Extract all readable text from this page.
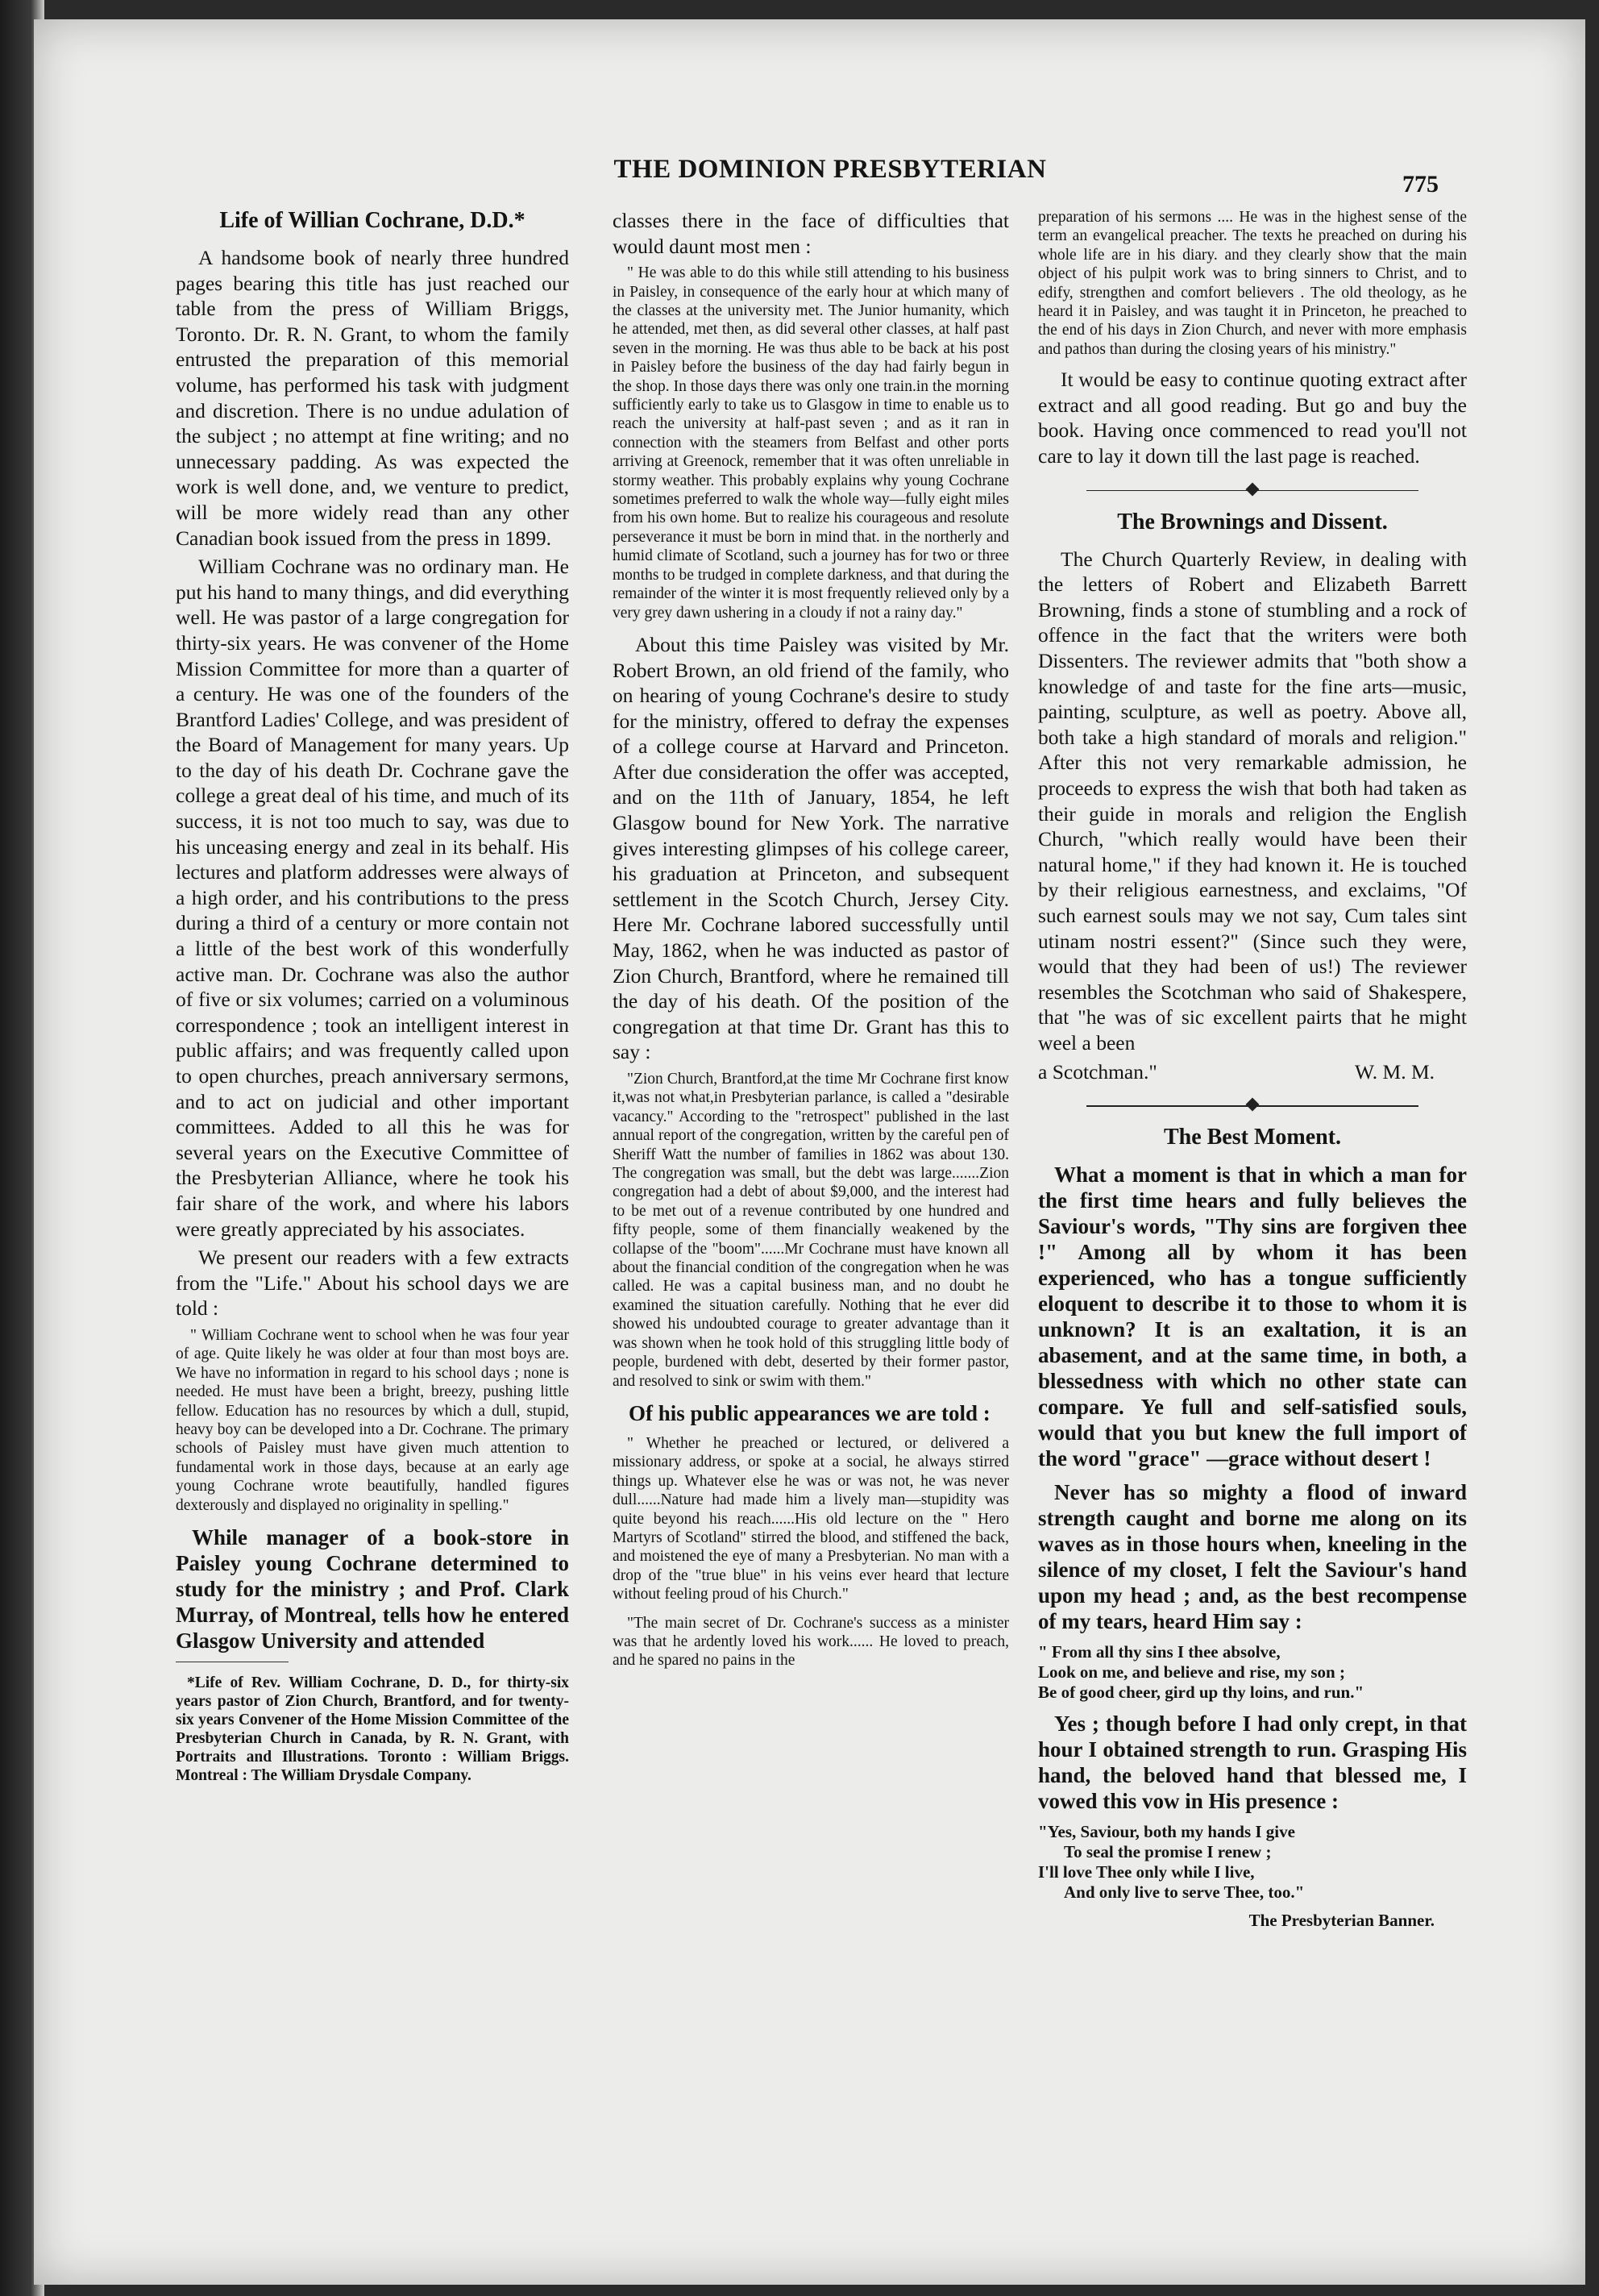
THE DOMINION PRESBYTERIAN
775
Life of Willian Cochrane, D.D.*

A handsome book of nearly three hundred pages bearing this title has just reached our table from the press of William Briggs, Toronto. Dr. R. N. Grant, to whom the family entrusted the preparation of this memorial volume, has performed his task with judgment and discretion. There is no undue adulation of the subject ; no attempt at fine writing; and no unnecessary padding. As was expected the work is well done, and, we venture to predict, will be more widely read than any other Canadian book issued from the press in 1899.

William Cochrane was no ordinary man. He put his hand to many things, and did everything well. He was pastor of a large congregation for thirty-six years. He was convener of the Home Mission Committee for more than a quarter of a century. He was one of the founders of the Brantford Ladies' College, and was president of the Board of Management for many years. Up to the day of his death Dr. Cochrane gave the college a great deal of his time, and much of its success, it is not too much to say, was due to his unceasing energy and zeal in its behalf. His lectures and platform addresses were always of a high order, and his contributions to the press during a third of a century or more contain not a little of the best work of this wonderfully active man. Dr. Cochrane was also the author of five or six volumes; carried on a voluminous correspondence ; took an intelligent interest in public affairs; and was frequently called upon to open churches, preach anniversary sermons, and to act on judicial and other important committees. Added to all this he was for several years on the Executive Committee of the Presbyterian Alliance, where he took his fair share of the work, and where his labors were greatly appreciated by his associates.

We present our readers with a few extracts from the "Life." About his school days we are told :

" William Cochrane went to school when he was four year of age. Quite likely he was older at four than most boys are. We have no information in regard to his school days ; none is needed. He must have been a bright, breezy, pushing little fellow. Education has no resources by which a dull, stupid, heavy boy can be developed into a Dr. Cochrane. The primary schools of Paisley must have given much attention to fundamental work in those days, because at an early age young Cochrane wrote beautifully, handled figures dexterously and displayed no originality in spelling."

While manager of a book-store in Paisley young Cochrane determined to study for the ministry ; and Prof. Clark Murray, of Montreal, tells how he entered Glasgow University and attended

*Life of Rev. William Cochrane, D. D., for thirty-six years pastor of Zion Church, Brantford, and for twenty-six years Convener of the Home Mission Committee of the Presbyterian Church in Canada, by R. N. Grant, with Portraits and Illustrations. Toronto : William Briggs. Montreal : The William Drysdale Company.

classes there in the face of difficulties that would daunt most men :

" He was able to do this while still attending to his business in Paisley, in consequence of the early hour at which many of the classes at the university met. The Junior humanity, which he attended, met then, as did several other classes, at half past seven in the morning. He was thus able to be back at his post in Paisley before the business of the day had fairly begun in the shop. In those days there was only one train.in the morning sufficiently early to take us to Glasgow in time to enable us to reach the university at half-past seven ; and as it ran in connection with the steamers from Belfast and other ports arriving at Greenock, remember that it was often unreliable in stormy weather. This probably explains why young Cochrane sometimes preferred to walk the whole way—fully eight miles from his own home. But to realize his courageous and resolute perseverance it must be born in mind that. in the northerly and humid climate of Scotland, such a journey has for two or three months to be trudged in complete darkness, and that during the remainder of the winter it is most frequently relieved only by a very grey dawn ushering in a cloudy if not a rainy day."

About this time Paisley was visited by Mr. Robert Brown, an old friend of the family, who on hearing of young Cochrane's desire to study for the ministry, offered to defray the expenses of a college course at Harvard and Princeton. After due consideration the offer was accepted, and on the 11th of January, 1854, he left Glasgow bound for New York. The narrative gives interesting glimpses of his college career, his graduation at Princeton, and subsequent settlement in the Scotch Church, Jersey City. Here Mr. Cochrane labored successfully until May, 1862, when he was inducted as pastor of Zion Church, Brantford, where he remained till the day of his death. Of the position of the congregation at that time Dr. Grant has this to say :

"Zion Church, Brantford,at the time Mr Cochrane first know it,was not what,in Presbyterian parlance, is called a "desirable vacancy." According to the "retrospect" published in the last annual report of the congregation, written by the careful pen of Sheriff Watt the number of families in 1862 was about 130. The congregation was small, but the debt was large.......Zion congregation had a debt of about $9,000, and the interest had to be met out of a revenue contributed by one hundred and fifty people, some of them financially weakened by the collapse of the "boom"......Mr Cochrane must have known all about the financial condition of the congregation when he was called. He was a capital business man, and no doubt he examined the situation carefully. Nothing that he ever did showed his undoubted courage to greater advantage than it was shown when he took hold of this struggling little body of people, burdened with debt, deserted by their former pastor, and resolved to sink or swim with them."

Of his public appearances we are told :

" Whether he preached or lectured, or delivered a missionary address, or spoke at a social, he always stirred things up. Whatever else he was or was not, he was never dull......Nature had made him a lively man—stupidity was quite beyond his reach......His old lecture on the " Hero Martyrs of Scotland" stirred the blood, and stiffened the back, and moistened the eye of many a Presbyterian. No man with a drop of the "true blue" in his veins ever heard that lecture without feeling proud of his Church."

"The main secret of Dr. Cochrane's success as a minister was that he ardently loved his work...... He loved to preach, and he spared no pains in the

preparation of his sermons .... He was in the highest sense of the term an evangelical preacher. The texts he preached on during his whole life are in his diary. and they clearly show that the main object of his pulpit work was to bring sinners to Christ, and to edify, strengthen and comfort believers . The old theology, as he heard it in Paisley, and was taught it in Princeton, he preached to the end of his days in Zion Church, and never with more emphasis and pathos than during the closing years of his ministry."

It would be easy to continue quoting extract after extract and all good reading. But go and buy the book. Having once commenced to read you'll not care to lay it down till the last page is reached.

The Brownings and Dissent.

The Church Quarterly Review, in dealing with the letters of Robert and Elizabeth Barrett Browning, finds a stone of stumbling and a rock of offence in the fact that the writers were both Dissenters. The reviewer admits that "both show a knowledge of and taste for the fine arts—music, painting, sculpture, as well as poetry. Above all, both take a high standard of morals and religion." After this not very remarkable admission, he proceeds to express the wish that both had taken as their guide in morals and religion the English Church, "which really would have been their natural home," if they had known it. He is touched by their religious earnestness, and exclaims, "Of such earnest souls may we not say, Cum tales sint utinam nostri essent?" (Since such they were, would that they had been of us!) The reviewer resembles the Scotchman who said of Shakespere, that "he was of sic excellent pairts that he might weel a been

a Scotchman."	W. M. M.
The Best Moment.

What a moment is that in which a man for the first time hears and fully believes the Saviour's words, "Thy sins are forgiven thee !" Among all by whom it has been experienced, who has a tongue sufficiently eloquent to describe it to those to whom it is unknown? It is an exaltation, it is an abasement, and at the same time, in both, a blessedness with which no other state can compare. Ye full and self-satisfied souls, would that you but knew the full import of the word "grace" —grace without desert !

Never has so mighty a flood of inward strength caught and borne me along on its waves as in those hours when, kneeling in the silence of my closet, I felt the Saviour's hand upon my head ; and, as the best recompense of my tears, heard Him say :

" From all thy sins I thee absolve,
Look on me, and believe and rise, my son ;
Be of good cheer, gird up thy loins, and run."

Yes ; though before I had only crept, in that hour I obtained strength to run. Grasping His hand, the beloved hand that blessed me, I vowed this vow in His presence :

"Yes, Saviour, both my hands I give
To seal the promise I renew ;
I'll love Thee only while I live,
And only live to serve Thee, too."
The Presbyterian Banner.
